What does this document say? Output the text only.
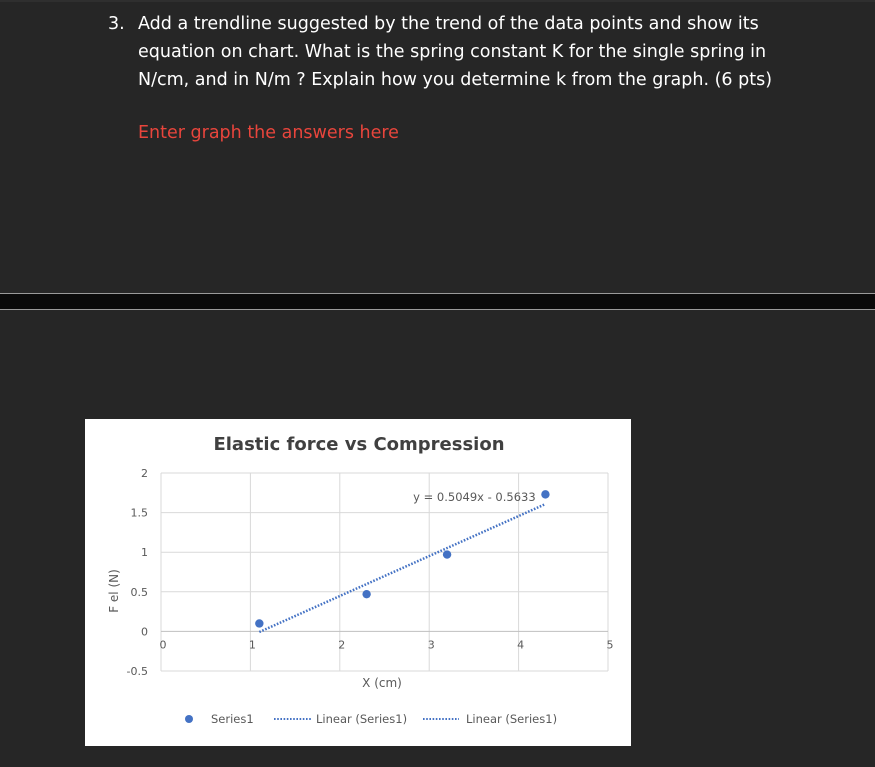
3. Add a trendline suggested by the trend of the data points and show its equation on chart. What is the spring constant K for the single spring in N/cm, and in N/m ? Explain how you determine k from the graph. (6 pts)
Enter graph the answers here
Elastic force vs Compression
-0.5
0
0.5
1
1.5
2
0	1	2	3	4	5
y = 0.5049x - 0.5633
X (cm)
F el (N)
Series1	Linear (Series1)	Linear (Series1)
